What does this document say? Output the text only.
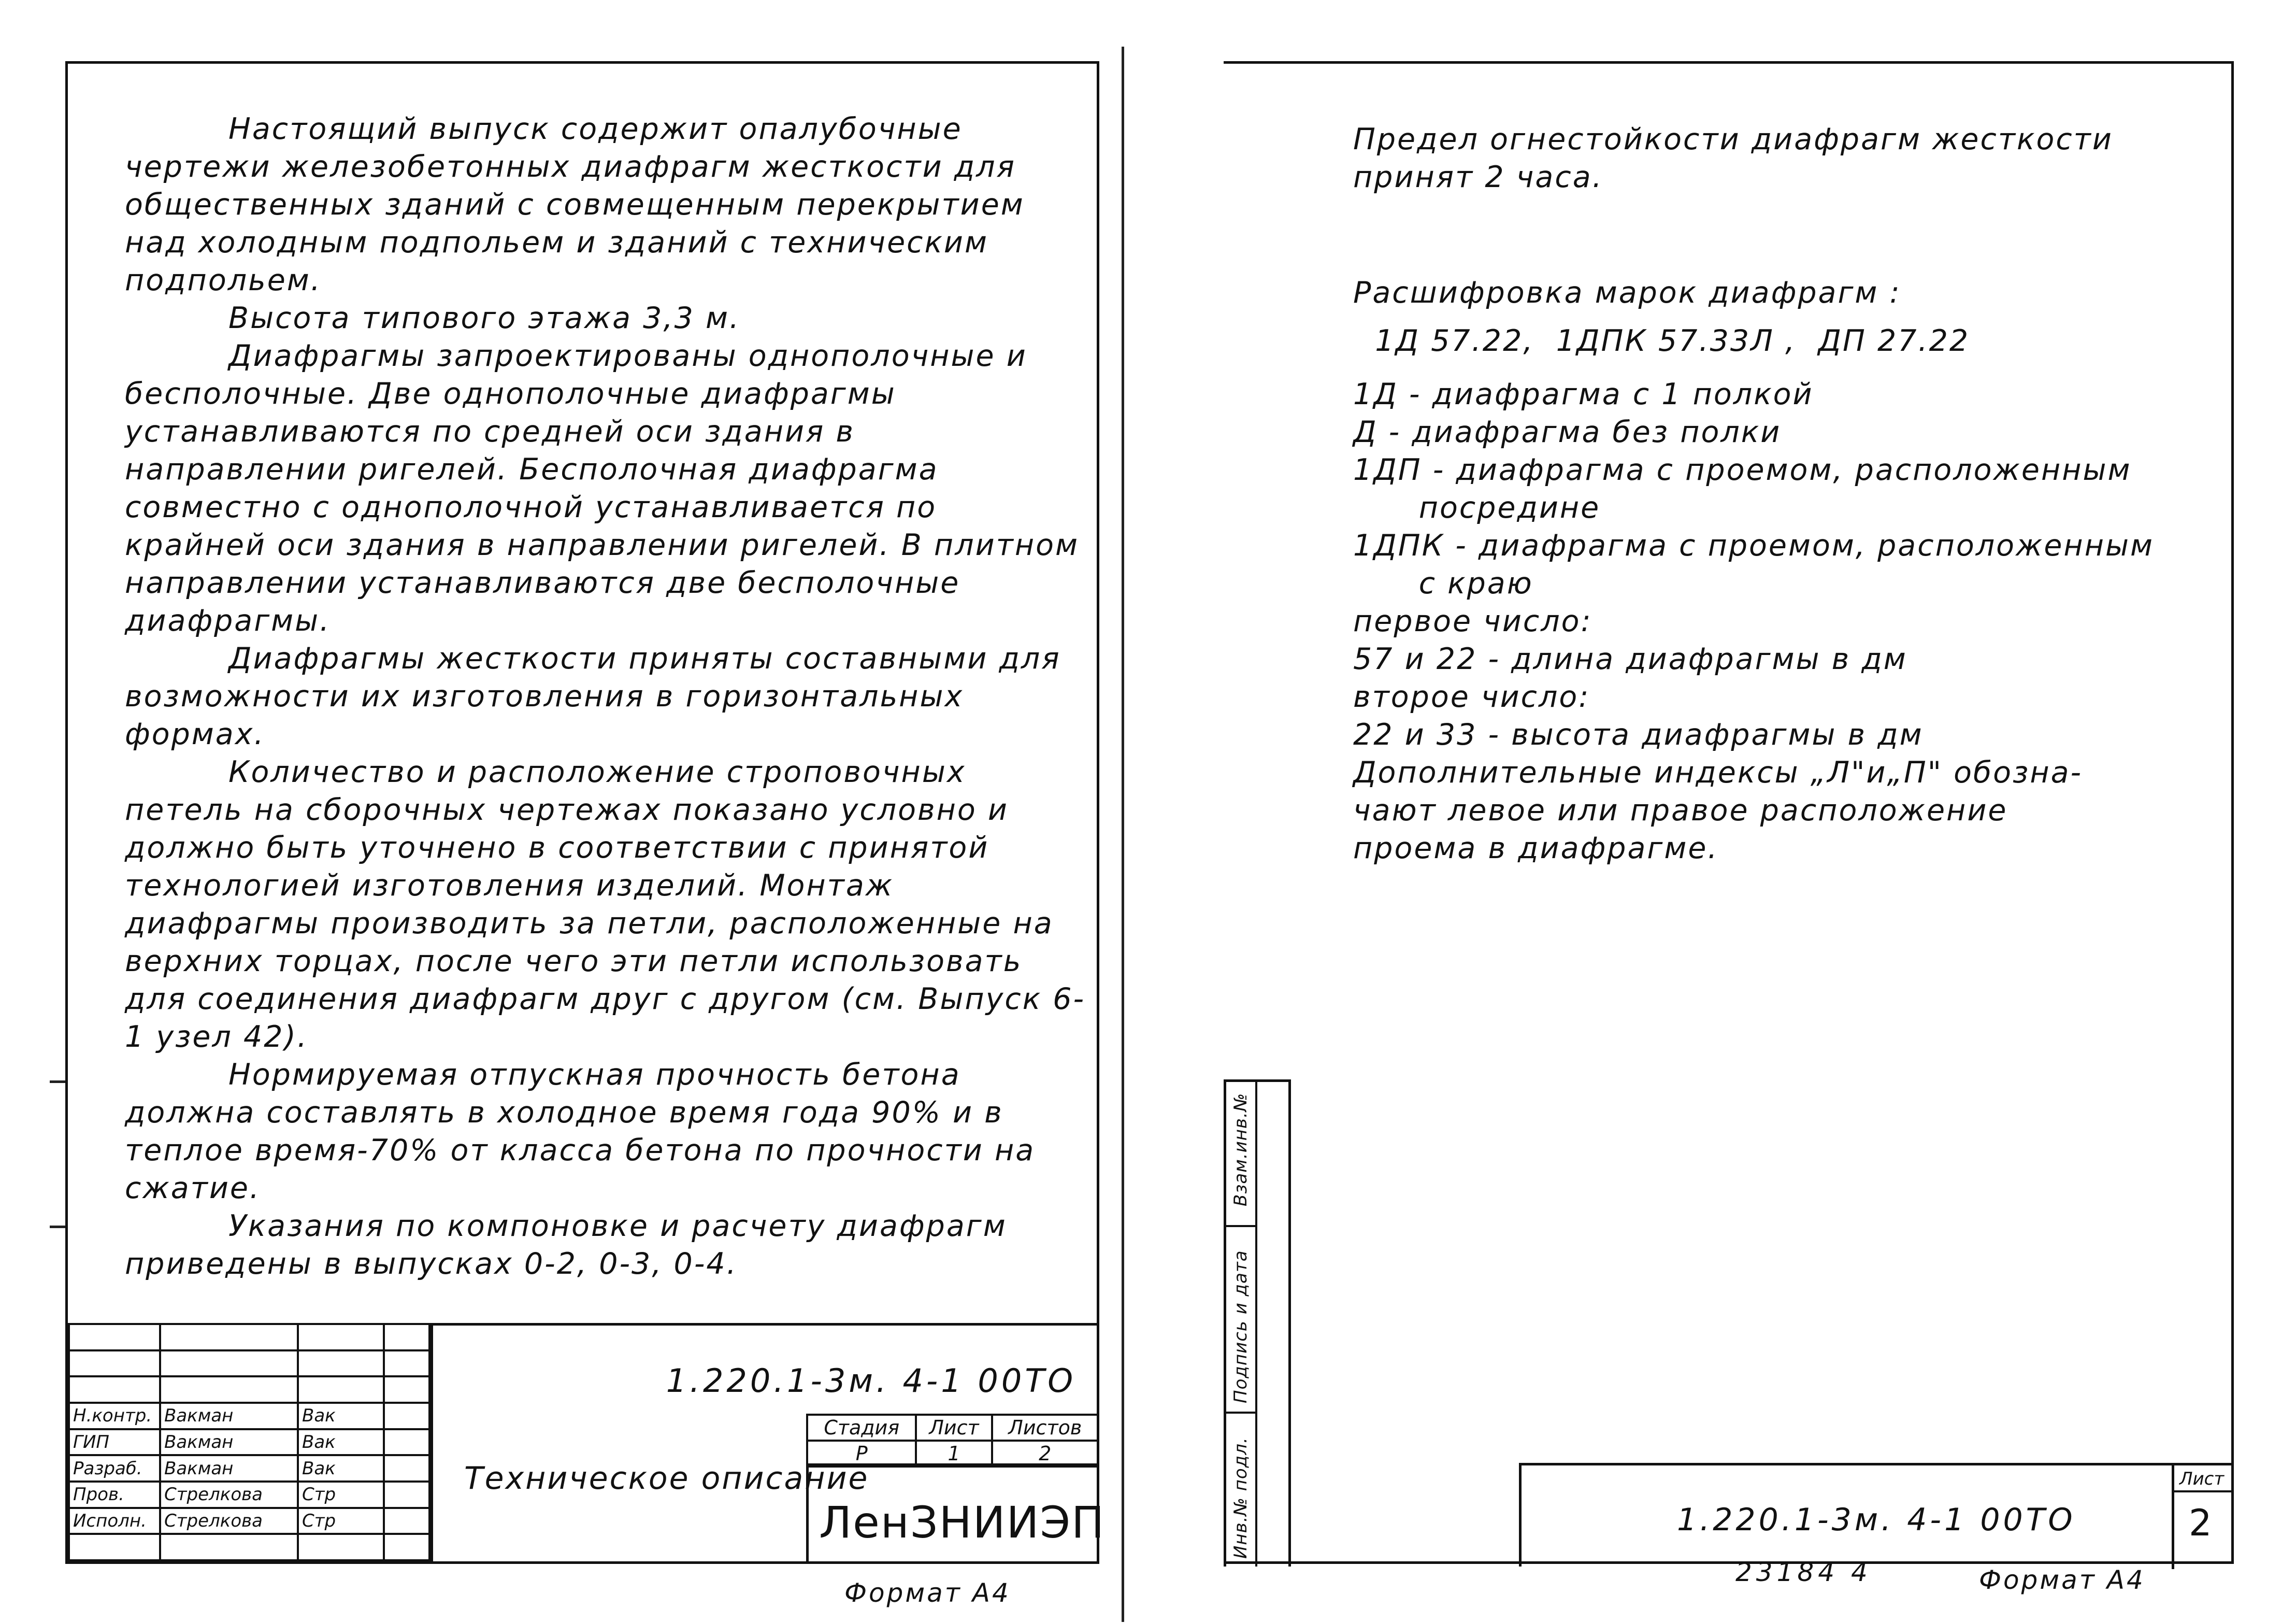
Настоящий выпуск содержит опалубочные чертежи железобетонных диафрагм жесткости для общественных зданий с совмещенным перекрытием над холодным подпольем и зданий с техническим подпольем.

Высота типового этажа 3,3 м.

Диафрагмы запроектированы однополочные и бесполочные. Две однополочные диафрагмы устанавливаются по средней оси здания в направлении ригелей. Бесполочная диафрагма совместно с однополочной устанавливается по крайней оси здания в направлении ригелей. В плитном направлении устанавливаются две бесполочные диафрагмы.

Диафрагмы жесткости приняты составными для возможности их изготовления в горизонтальных формах.

Количество и расположение строповочных петель на сборочных чертежах показано условно и должно быть уточнено в соответствии с принятой технологией изготовления изделий. Монтаж диафрагмы производить за петли, расположенные на верхних торцах, после чего эти петли использовать для соединения диафрагм друг с другом (см. Выпуск 6-1 узел 42).

Нормируемая отпускная прочность бетона должна составлять в холодное время года 90% и в теплое время-70% от класса бетона по прочности на сжатие.

Указания по компоновке и расчету диафрагм приведены в выпусках 0-2, 0-3, 0-4.

Н.контр.	Вакман	Вак	
ГИП	Вакман	Вак	
Разраб.	Вакман	Вак	
Пров.	Стрелкова	Стр	
Исполн.	Стрелкова	Стр	

1.220.1-3м. 4-1 00ТО
Техническое описание
Стадия	Лист	Листов
Р	1	2
ЛенЗНИИЭП
Формат А4
Предел огнестойкости диафрагм жесткости
принят 2 часа.
Расшифровка марок диафрагм :
1Д 57.22,  1ДПК 57.33Л ,  ДП 27.22
1Д - диафрагма с 1 полкой
Д - диафрагма без полки
1ДП - диафрагма с проемом, расположенным
посредине
1ДПК - диафрагма с проемом, расположенным
с краю
первое число:
57 и 22 - длина диафрагмы в дм
второе число:
22 и 33 - высота диафрагмы в дм
Дополнительные индексы „Л"и„П" обозна-
чают левое или правое расположение
проема в диафрагме.
Взам.инв.№
Подпись и дата
Инв.№ подл.	1.220.1-3м. 4-1 00ТО
Лист
2
23184 4	Формат А4
